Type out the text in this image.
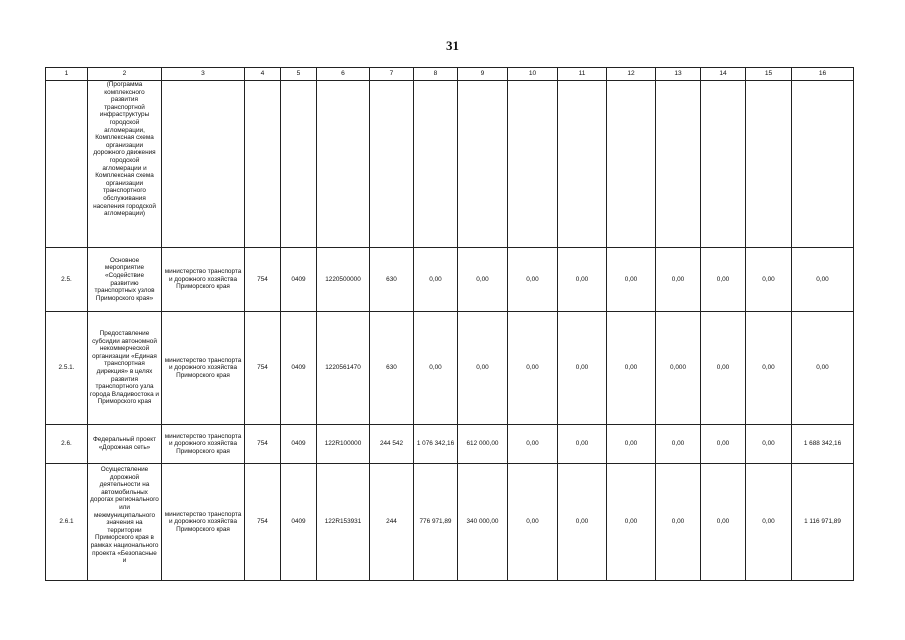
31
1	2	3	4	5	6	7	8	9	10	11	12	13	14	15	16
	(Программа комплексного развития транспортной инфраструктуры городской агломерации, Комплексная схема организации дорожного движения городской агломерации и Комплексная схема организации транспортного обслуживания населения городской агломерации)														
2.5.	Основное мероприятие «Содействие развитию транспортных узлов Приморского края»	министерство транспорта и дорожного хозяйства Приморского края	754	0409	1220500000	630	0,00	0,00	0,00	0,00	0,00	0,00	0,00	0,00	0,00
2.5.1.	Предоставление субсидии автономной некоммерческой организации «Единая транспортная дирекция» в целях развития транспортного узла города Владивостока и Приморского края	министерство транспорта и дорожного хозяйства Приморского края	754	0409	1220561470	630	0,00	0,00	0,00	0,00	0,00	0,000	0,00	0,00	0,00
2.6.	Федеральный проект «Дорожная сеть»	министерство транспорта и дорожного хозяйства Приморского края	754	0409	122R100000	244 542	1 076 342,16	612 000,00	0,00	0,00	0,00	0,00	0,00	0,00	1 688 342,16
2.6.1	Осуществление дорожной деятельности на автомобильных дорогах регионального или межмуниципального значения на территории Приморского края в рамках национального проекта «Безопасные и	министерство транспорта и дорожного хозяйства Приморского края	754	0409	122R153931	244	776 971,89	340 000,00	0,00	0,00	0,00	0,00	0,00	0,00	1 116 971,89
